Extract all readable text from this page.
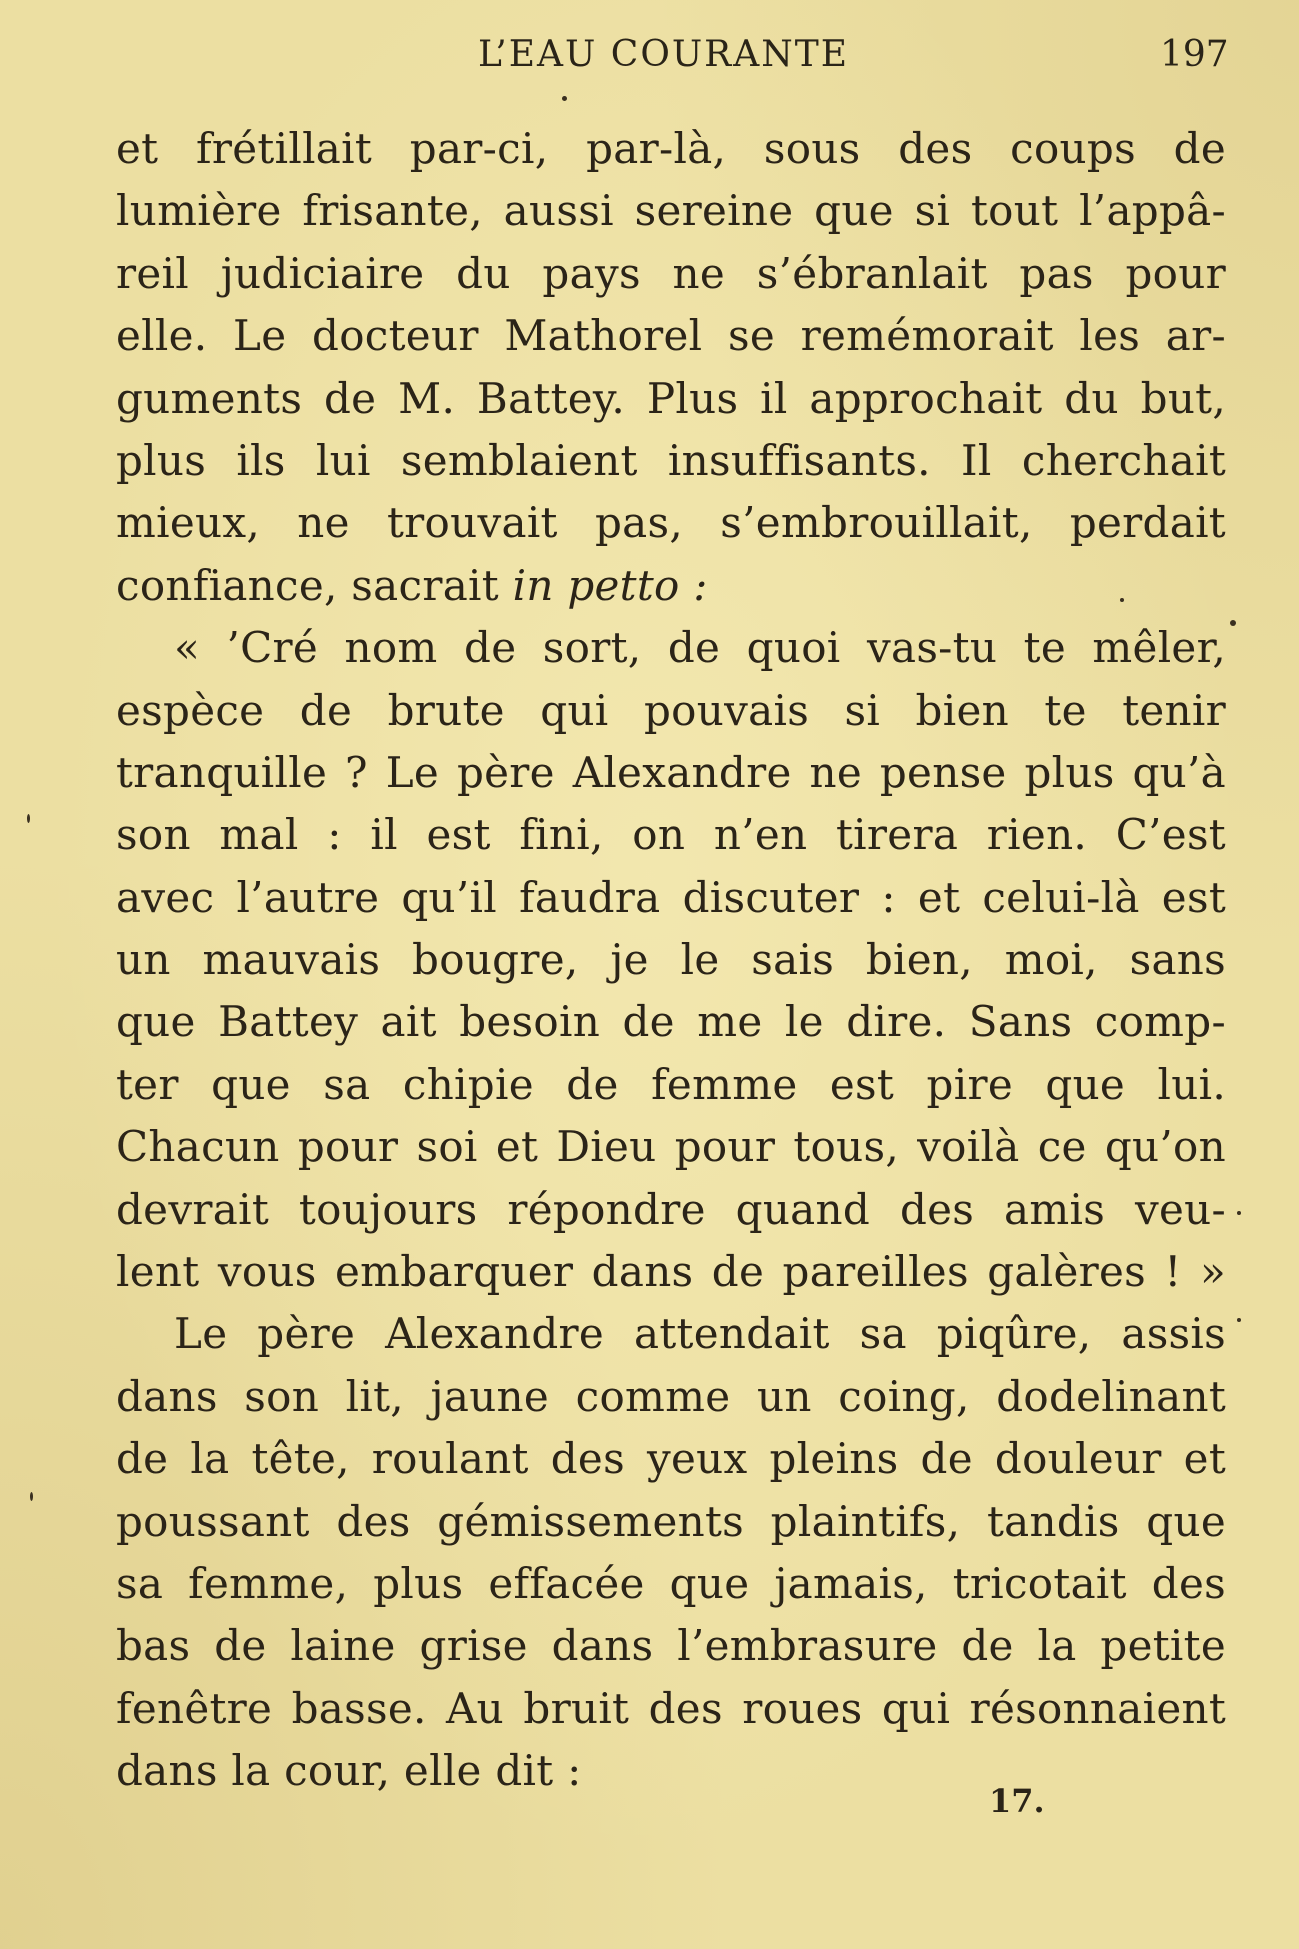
L’EAU COURANTE	197
et frétillait par-ci, par-là, sous des coups de
lumière frisante, aussi sereine que si tout l’appâ-
reil judiciaire du pays ne s’ébranlait pas pour
elle. Le docteur Mathorel se remémorait les ar-
guments de M. Battey. Plus il approchait du but,
plus ils lui semblaient insuffisants. Il cherchait
mieux, ne trouvait pas, s’embrouillait, perdait
confiance, sacrait in petto :
« ’Cré nom de sort, de quoi vas-tu te mêler,
espèce de brute qui pouvais si bien te tenir
tranquille ? Le père Alexandre ne pense plus qu’à
son mal : il est fini, on n’en tirera rien. C’est
avec l’autre qu’il faudra discuter : et celui-là est
un mauvais bougre, je le sais bien, moi, sans
que Battey ait besoin de me le dire. Sans comp-
ter que sa chipie de femme est pire que lui.
Chacun pour soi et Dieu pour tous, voilà ce qu’on
devrait toujours répondre quand des amis veu-
lent vous embarquer dans de pareilles galères ! »
Le père Alexandre attendait sa piqûre, assis
dans son lit, jaune comme un coing, dodelinant
de la tête, roulant des yeux pleins de douleur et
poussant des gémissements plaintifs, tandis que
sa femme, plus effacée que jamais, tricotait des
bas de laine grise dans l’embrasure de la petite
fenêtre basse. Au bruit des roues qui résonnaient
dans la cour, elle dit :
17.
